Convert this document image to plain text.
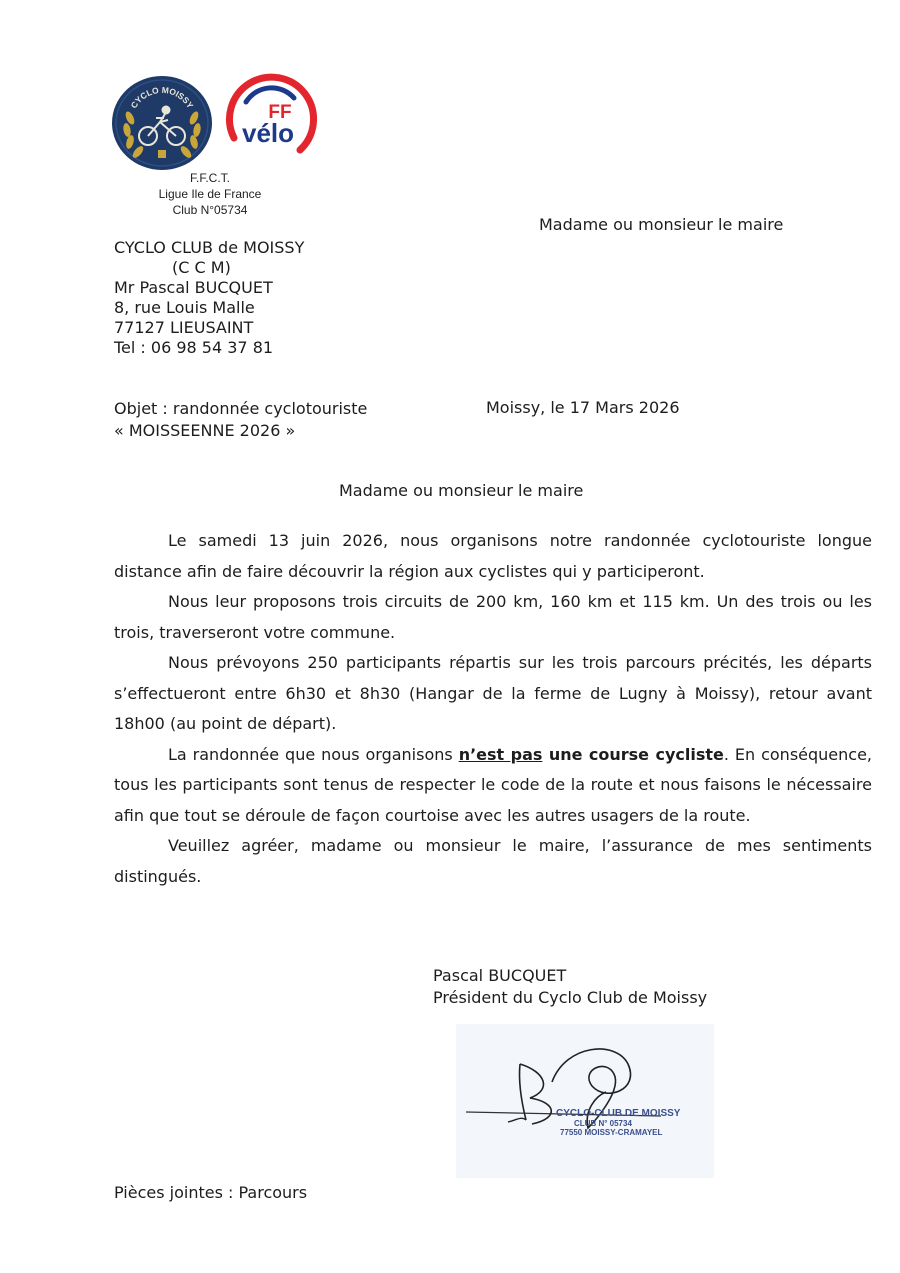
CYCLO MOISSY	FF
vélo
F.F.C.T.
Ligue Ile de France
Club N°05734
Madame ou monsieur le maire
CYCLO CLUB de MOISSY
(C C M)
Mr Pascal BUCQUET
8, rue Louis Malle
77127 LIEUSAINT
Tel : 06 98 54 37 81
Objet : randonnée cyclotouriste
« MOISSEENNE 2026 »
Moissy, le 17 Mars 2026
Madame ou monsieur le maire

Le samedi 13 juin 2026, nous organisons notre randonnée cyclotouriste longue distance afin de faire découvrir la région aux cyclistes qui y participeront.

Nous leur proposons trois circuits de 200 km, 160 km et 115 km. Un des trois ou les trois, traverseront votre commune.

Nous prévoyons 250 participants répartis sur les trois parcours précités, les départs s’effectueront entre 6h30 et 8h30 (Hangar de la ferme de Lugny à Moissy), retour avant 18h00 (au point de départ).

La randonnée que nous organisons n’est pas une course cycliste. En conséquence, tous les participants sont tenus de respecter le code de la route et nous faisons le nécessaire afin que tout se déroule de façon courtoise avec les autres usagers de la route.

Veuillez agréer, madame ou monsieur le maire, l’assurance de mes sentiments distingués.

Pascal BUCQUET
Président du Cyclo Club de Moissy
CYCLO-CLUB DE MOISSY
CLUB N° 05734
77550 MOISSY-CRAMAYEL
Pièces jointes : Parcours
